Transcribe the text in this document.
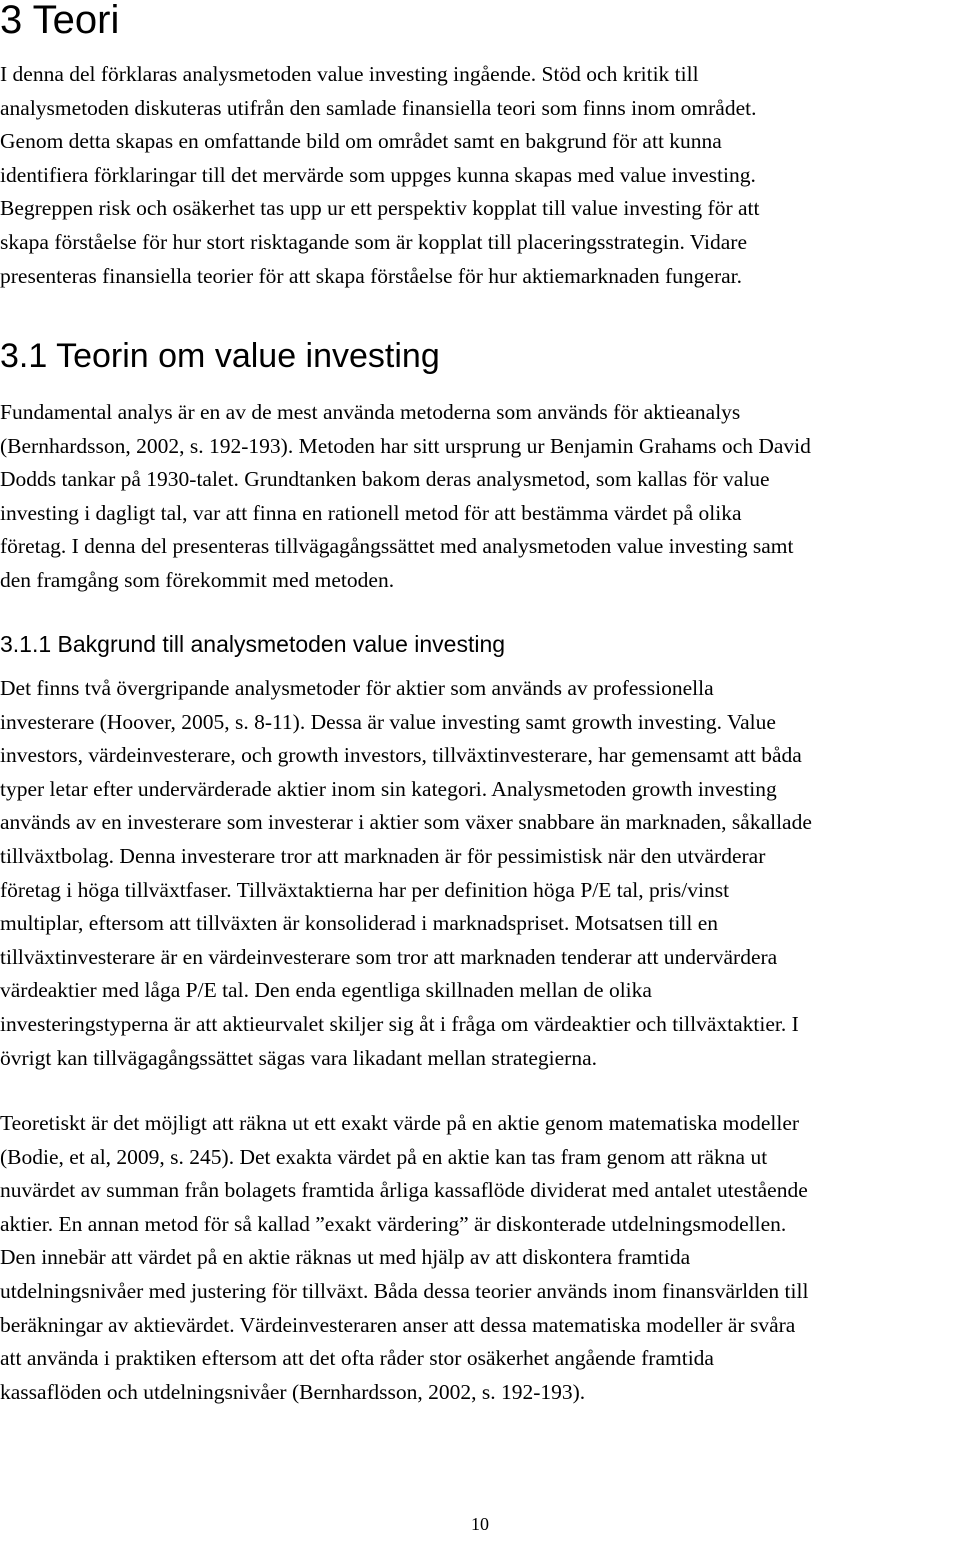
3 Teori
I denna del förklaras analysmetoden value investing ingående. Stöd och kritik till
analysmetoden diskuteras utifrån den samlade finansiella teori som finns inom området.
Genom detta skapas en omfattande bild om området samt en bakgrund för att kunna
identifiera förklaringar till det mervärde som uppges kunna skapas med value investing.
Begreppen risk och osäkerhet tas upp ur ett perspektiv kopplat till value investing för att
skapa förståelse för hur stort risktagande som är kopplat till placeringsstrategin. Vidare
presenteras finansiella teorier för att skapa förståelse för hur aktiemarknaden fungerar.
3.1 Teorin om value investing
Fundamental analys är en av de mest använda metoderna som används för aktieanalys
(Bernhardsson, 2002, s. 192-193). Metoden har sitt ursprung ur Benjamin Grahams och David
Dodds tankar på 1930-talet. Grundtanken bakom deras analysmetod, som kallas för value
investing i dagligt tal, var att finna en rationell metod för att bestämma värdet på olika
företag. I denna del presenteras tillvägagångssättet med analysmetoden value investing samt
den framgång som förekommit med metoden.
3.1.1 Bakgrund till analysmetoden value investing
Det finns två övergripande analysmetoder för aktier som används av professionella
investerare (Hoover, 2005, s. 8-11). Dessa är value investing samt growth investing. Value
investors, värdeinvesterare, och growth investors, tillväxtinvesterare, har gemensamt att båda
typer letar efter undervärderade aktier inom sin kategori. Analysmetoden growth investing
används av en investerare som investerar i aktier som växer snabbare än marknaden, såkallade
tillväxtbolag. Denna investerare tror att marknaden är för pessimistisk när den utvärderar
företag i höga tillväxtfaser. Tillväxtaktierna har per definition höga P/E tal, pris/vinst
multiplar, eftersom att tillväxten är konsoliderad i marknadspriset. Motsatsen till en
tillväxtinvesterare är en värdeinvesterare som tror att marknaden tenderar att undervärdera
värdeaktier med låga P/E tal. Den enda egentliga skillnaden mellan de olika
investeringstyperna är att aktieurvalet skiljer sig åt i fråga om värdeaktier och tillväxtaktier. I
övrigt kan tillvägagångssättet sägas vara likadant mellan strategierna.
Teoretiskt är det möjligt att räkna ut ett exakt värde på en aktie genom matematiska modeller
(Bodie, et al, 2009, s. 245). Det exakta värdet på en aktie kan tas fram genom att räkna ut
nuvärdet av summan från bolagets framtida årliga kassaflöde dividerat med antalet utestående
aktier. En annan metod för så kallad ”exakt värdering” är diskonterade utdelningsmodellen.
Den innebär att värdet på en aktie räknas ut med hjälp av att diskontera framtida
utdelningsnivåer med justering för tillväxt. Båda dessa teorier används inom finansvärlden till
beräkningar av aktievärdet. Värdeinvesteraren anser att dessa matematiska modeller är svåra
att använda i praktiken eftersom att det ofta råder stor osäkerhet angående framtida
kassaflöden och utdelningsnivåer (Bernhardsson, 2002, s. 192-193).
10
